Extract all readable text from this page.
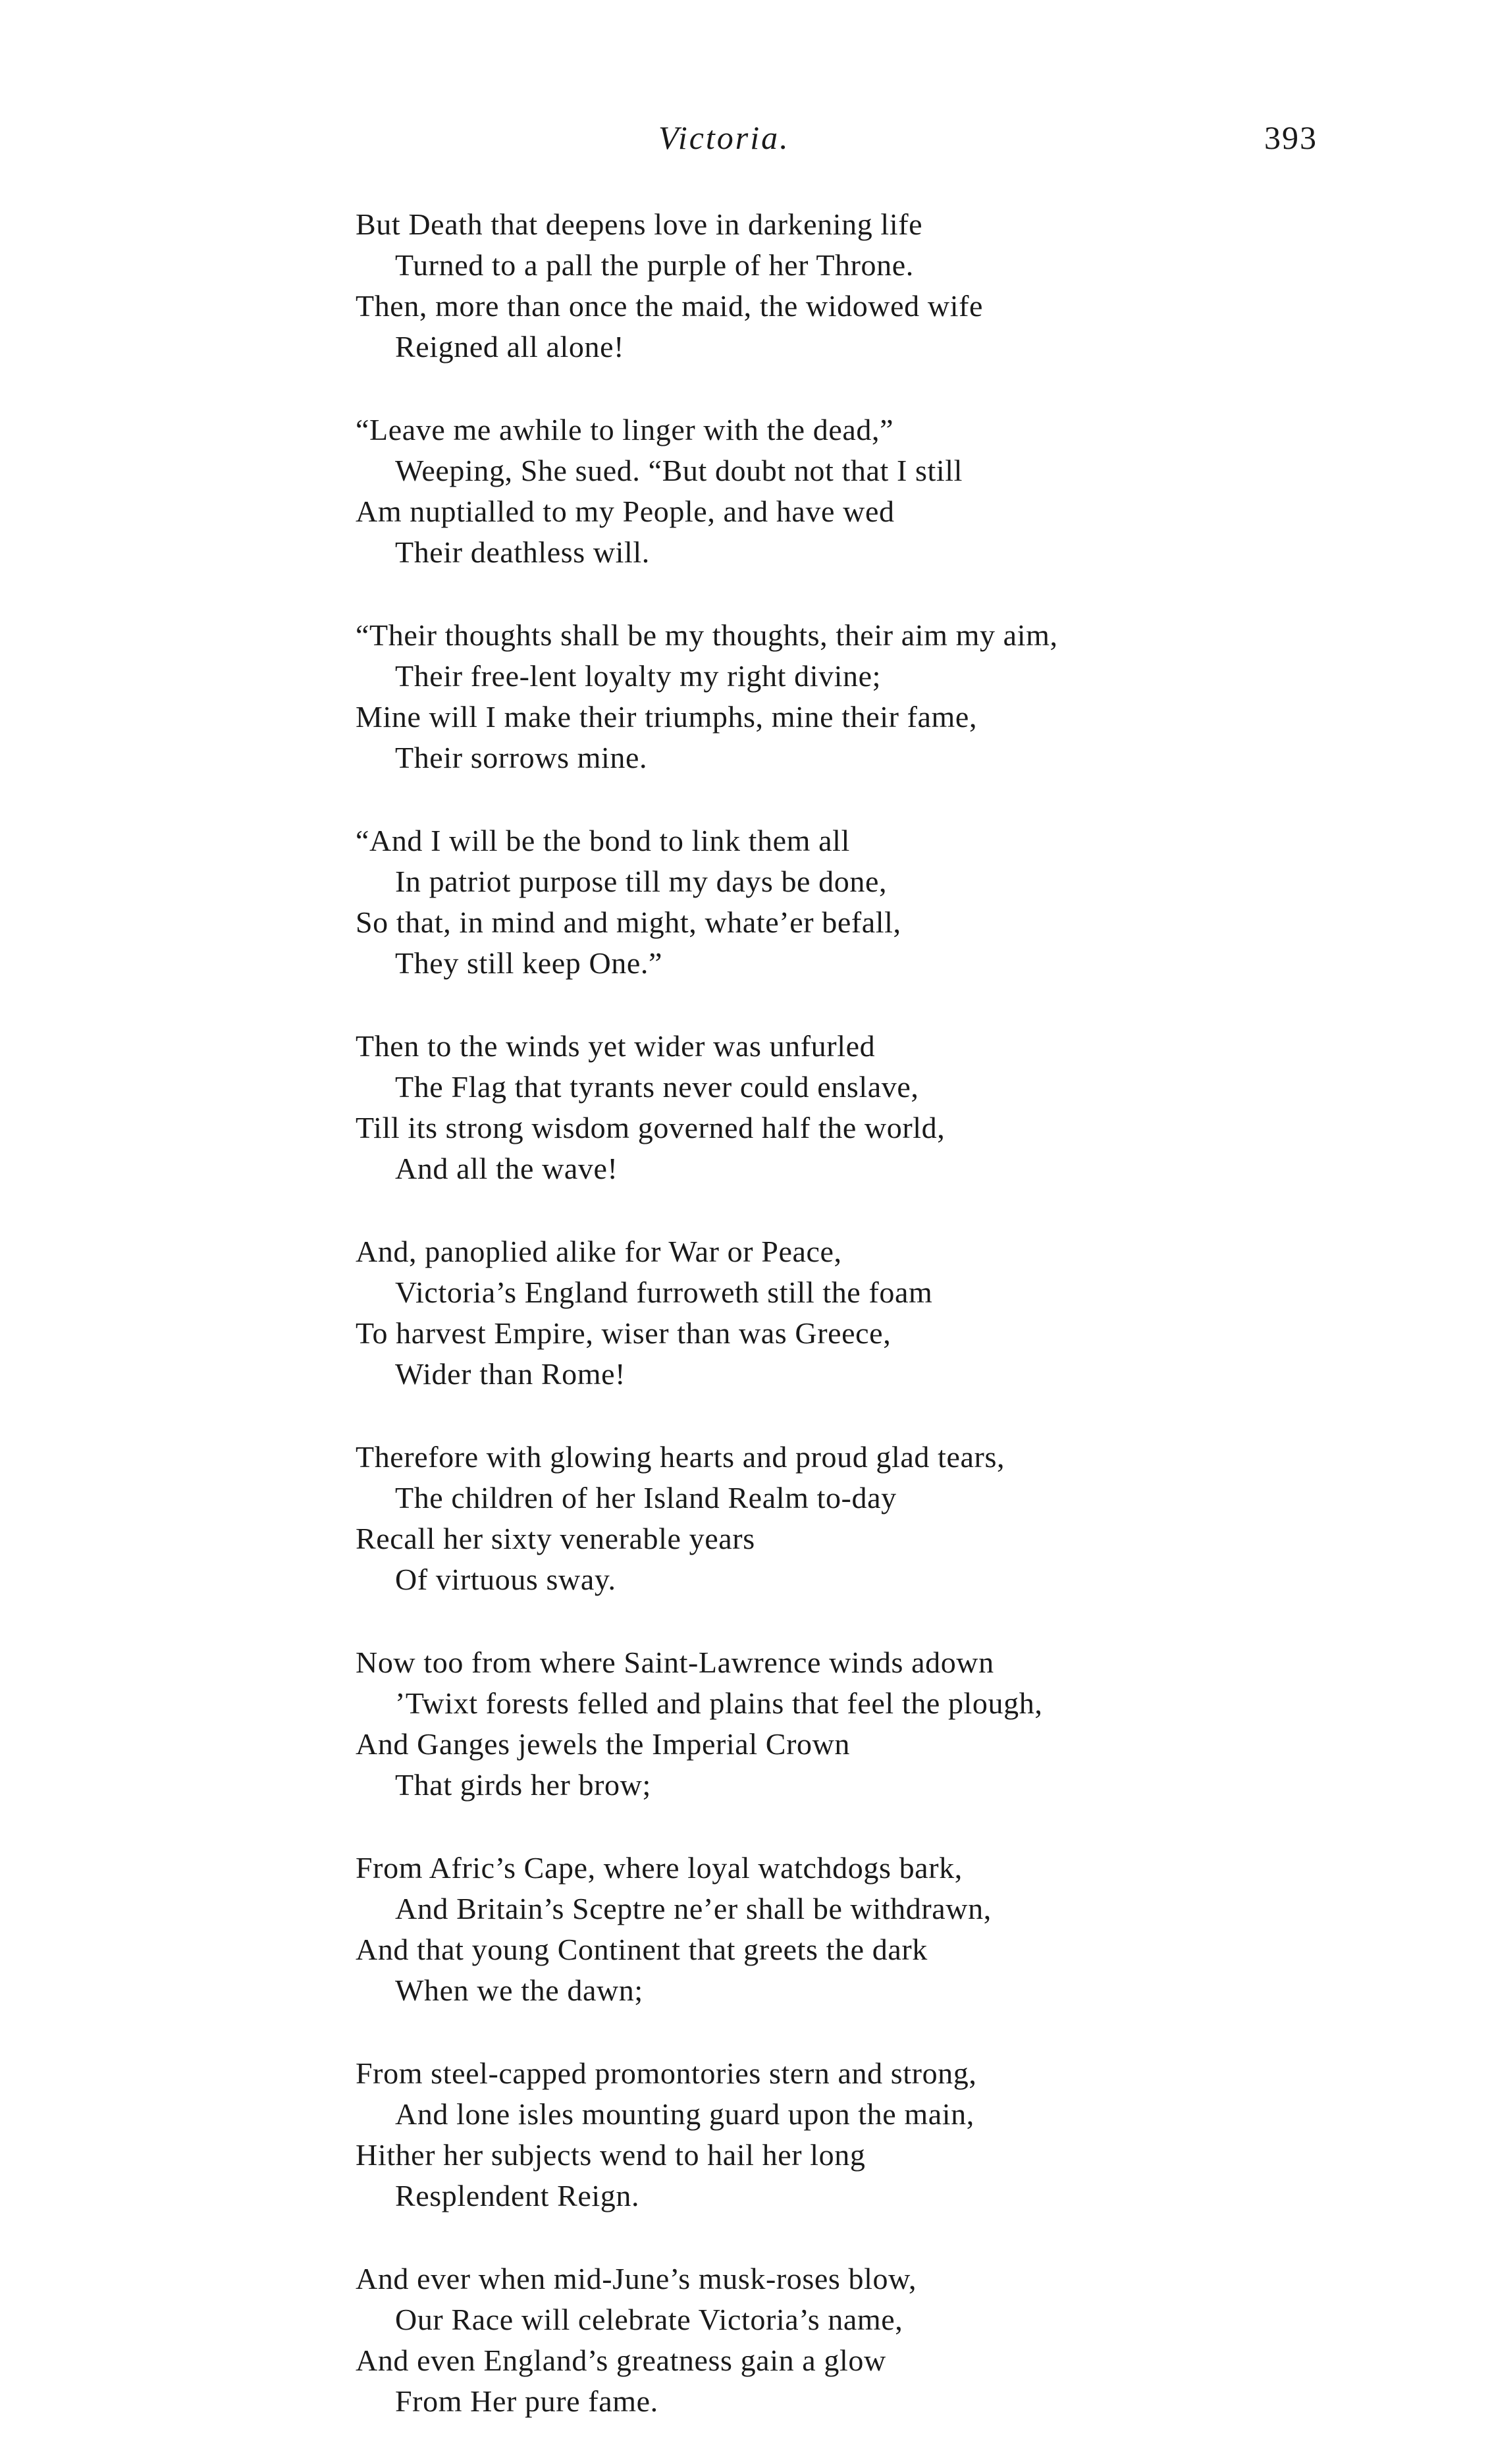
Victoria.	393
But Death that deepens love in darkening life
Turned to a pall the purple of her Throne.
Then, more than once the maid, the widowed wife
Reigned all alone!
“Leave me awhile to linger with the dead,”
Weeping, She sued. “But doubt not that I still
Am nuptialled to my People, and have wed
Their deathless will.
“Their thoughts shall be my thoughts, their aim my aim,
Their free-lent loyalty my right divine;
Mine will I make their triumphs, mine their fame,
Their sorrows mine.
“And I will be the bond to link them all
In patriot purpose till my days be done,
So that, in mind and might, whate’er befall,
They still keep One.”
Then to the winds yet wider was unfurled
The Flag that tyrants never could enslave,
Till its strong wisdom governed half the world,
And all the wave!
And, panoplied alike for War or Peace,
Victoria’s England furroweth still the foam
To harvest Empire, wiser than was Greece,
Wider than Rome!
Therefore with glowing hearts and proud glad tears,
The children of her Island Realm to-day
Recall her sixty venerable years
Of virtuous sway.
Now too from where Saint-Lawrence winds adown
’Twixt forests felled and plains that feel the plough,
And Ganges jewels the Imperial Crown
That girds her brow;
From Afric’s Cape, where loyal watchdogs bark,
And Britain’s Sceptre ne’er shall be withdrawn,
And that young Continent that greets the dark
When we the dawn;
From steel-capped promontories stern and strong,
And lone isles mounting guard upon the main,
Hither her subjects wend to hail her long
Resplendent Reign.
And ever when mid-June’s musk-roses blow,
Our Race will celebrate Victoria’s name,
And even England’s greatness gain a glow
From Her pure fame.
